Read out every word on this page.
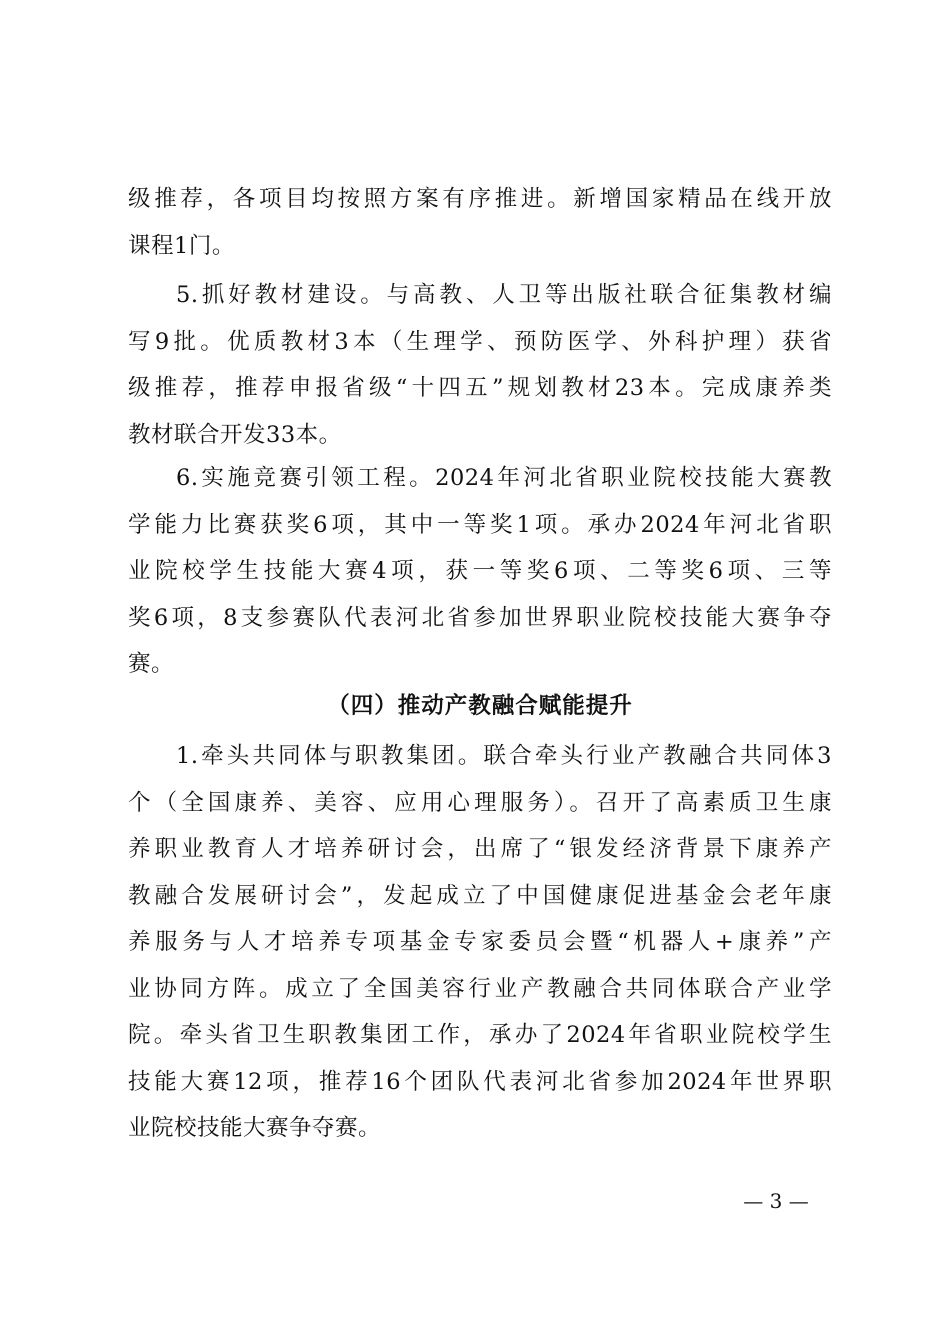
级推荐，各项目均按照方案有序推进。新增国家精品在线开放
课程1门。
5.抓好教材建设。与高教、人卫等出版社联合征集教材编
写9批。优质教材3本（生理学、预防医学、外科护理）获省
级推荐，推荐申报省级“十四五”规划教材23本。完成康养类
教材联合开发33本。
6.实施竞赛引领工程。2024年河北省职业院校技能大赛教
学能力比赛获奖6项，其中一等奖1项。承办2024年河北省职
业院校学生技能大赛4项，获一等奖6项、二等奖6项、三等
奖6项，8支参赛队代表河北省参加世界职业院校技能大赛争夺
赛。
（四）推动产教融合赋能提升
1.牵头共同体与职教集团。联合牵头行业产教融合共同体3
个（全国康养、美容、应用心理服务）。召开了高素质卫生康
养职业教育人才培养研讨会，出席了“银发经济背景下康养产
教融合发展研讨会”，发起成立了中国健康促进基金会老年康
养服务与人才培养专项基金专家委员会暨“机器人+康养”产
业协同方阵。成立了全国美容行业产教融合共同体联合产业学
院。牵头省卫生职教集团工作，承办了2024年省职业院校学生
技能大赛12项，推荐16个团队代表河北省参加2024年世界职
业院校技能大赛争夺赛。
— 3 —
